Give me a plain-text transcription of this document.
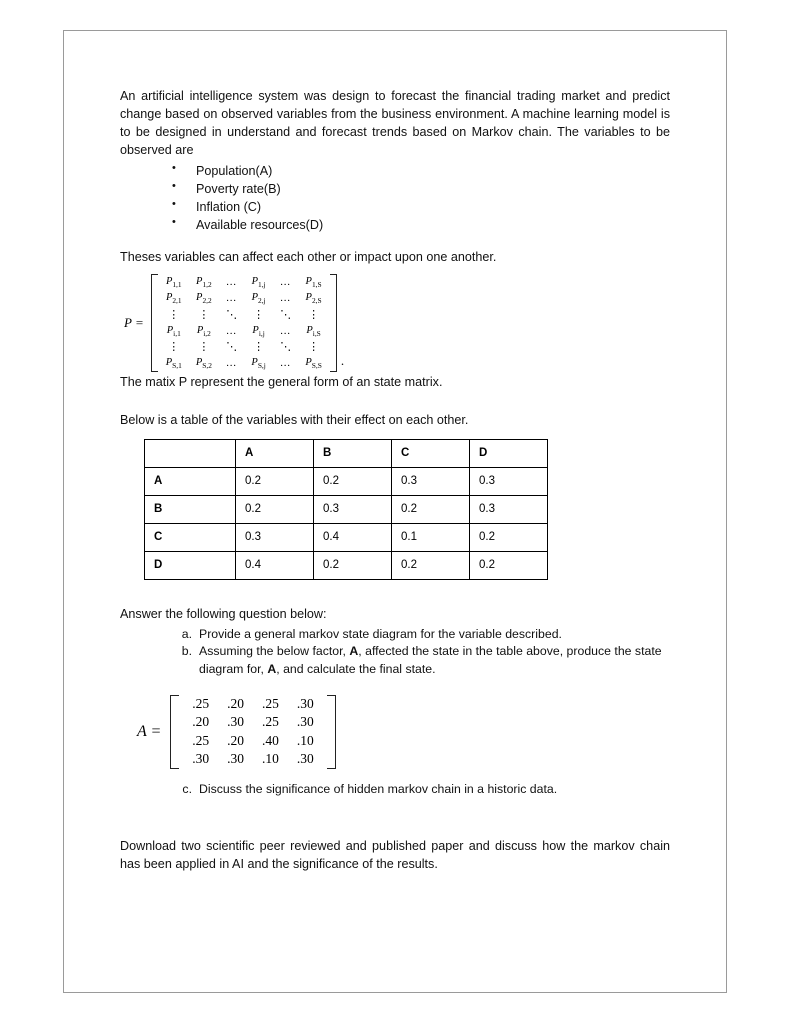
An artificial intelligence system was design to forecast the financial trading market and predict change based on observed variables from the business environment. A machine learning model is to be designed in understand and forecast trends based on Markov chain. The variables to be observed are

• Population(A)
• Poverty rate(B)
• Inflation (C)
• Available resources(D)

Theses variables can affect each other or impact upon one another.

P =
$P_{1,1}$	$P_{1,2}$	…	$P_{1,j}$	…	$P_{1,S}$
$P_{2,1}$	$P_{2,2}$	…	$P_{2,j}$	…	$P_{2,S}$
⋮	⋮	⋱	⋮	⋱	⋮
$P_{i,1}$	$P_{i,2}$	…	$P_{i,j}$	…	$P_{i,S}$
⋮	⋮	⋱	⋮	⋱	⋮
$P_{S,1}$	$P_{S,2}$	…	$P_{S,j}$	…	$P_{S,S}$ .

The matix P represent the general form of an state matrix.

Below is a table of the variables with their effect on each other.

	A	B	C	D
A	0.2	0.2	0.3	0.3
B	0.2	0.3	0.2	0.3
C	0.3	0.4	0.1	0.2
D	0.4	0.2	0.2	0.2

Answer the following question below:

Provide a general markov state diagram for the variable described.
Assuming the below factor, A, affected the state in the table above, produce the state diagram for, A, and calculate the final state.
A =
.25	.20	.25	.30
.20	.30	.25	.30
.25	.20	.40	.10
.30	.30	.10	.30
c. Discuss the significance of hidden markov chain in a historic data.

Download two scientific peer reviewed and published paper and discuss how the markov chain has been applied in AI and the significance of the results.
